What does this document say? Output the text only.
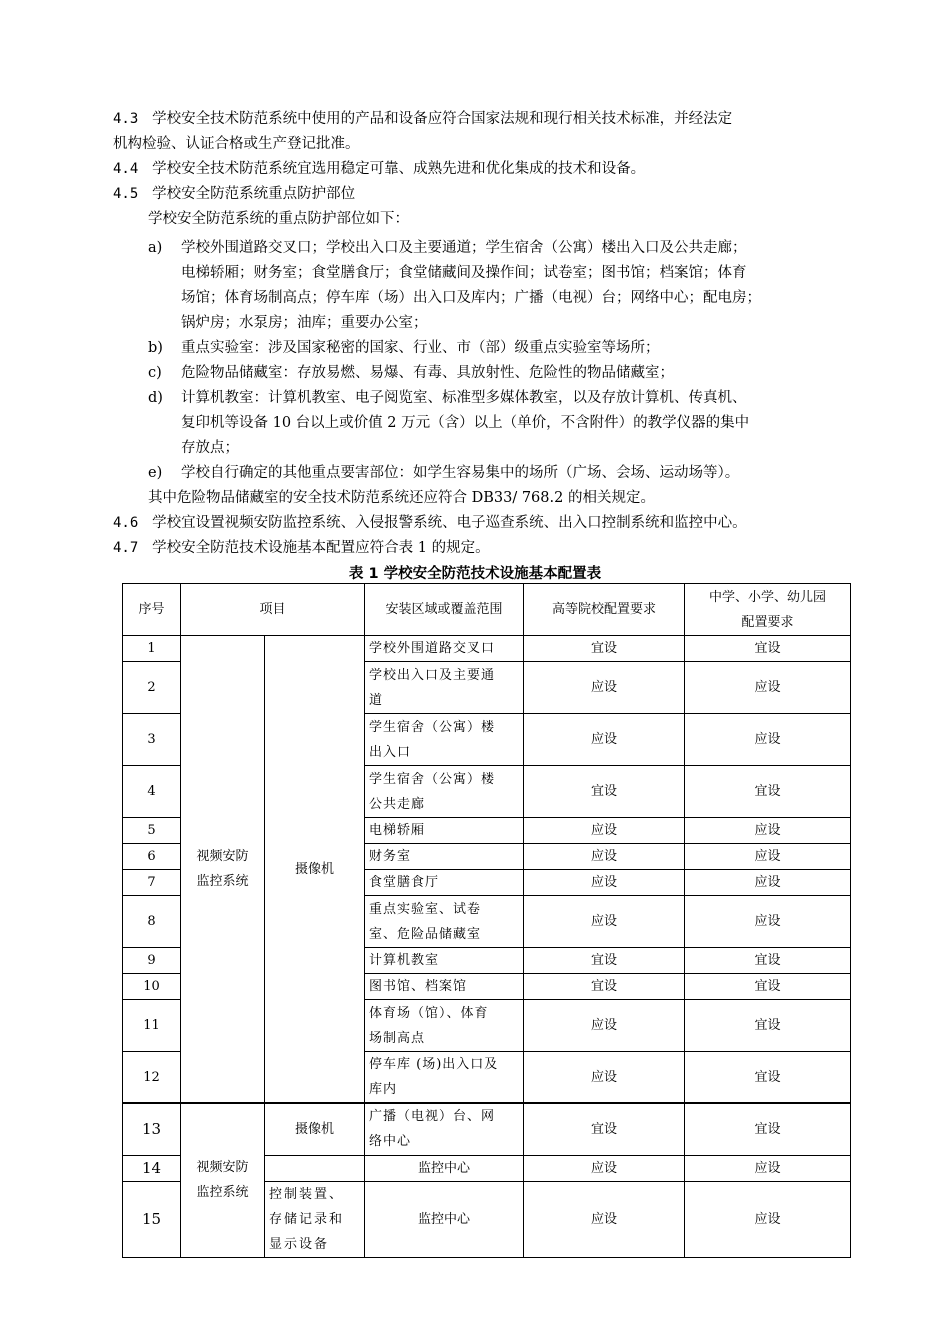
4.3 学校安全技术防范系统中使用的产品和设备应符合国家法规和现行相关技术标准，并经法定
机构检验、认证合格或生产登记批准。
4.4 学校安全技术防范系统宜选用稳定可靠、成熟先进和优化集成的技术和设备。
4.5 学校安全防范系统重点防护部位
学校安全防范系统的重点防护部位如下：
a) 学校外围道路交叉口；学校出入口及主要通道；学生宿舍（公寓）楼出入口及公共走廊；
电梯轿厢；财务室；食堂膳食厅；食堂储藏间及操作间；试卷室；图书馆；档案馆；体育
场馆；体育场制高点；停车库（场）出入口及库内；广播（电视）台；网络中心；配电房；
锅炉房；水泵房；油库；重要办公室；
b) 重点实验室：涉及国家秘密的国家、行业、市（部）级重点实验室等场所；
c) 危险物品储藏室：存放易燃、易爆、有毒、具放射性、危险性的物品储藏室；
d) 计算机教室：计算机教室、电子阅览室、标准型多媒体教室，以及存放计算机、传真机、
复印机等设备 10 台以上或价值 2 万元（含）以上（单价，不含附件）的教学仪器的集中
存放点；
e) 学校自行确定的其他重点要害部位：如学生容易集中的场所（广场、会场、运动场等）。
其中危险物品储藏室的安全技术防范系统还应符合 DB33/ 768.2 的相关规定。
4.6 学校宜设置视频安防监控系统、入侵报警系统、电子巡查系统、出入口控制系统和监控中心。
4.7 学校安全防范技术设施基本配置应符合表 1 的规定。
表 1 学校安全防范技术设施基本配置表
序号	项目		安装区域或覆盖范围	高等院校配置要求	中学、小学、幼儿园
配置要求
1	视频安防
监控系统	摄像机	学校外围道路交叉口	宜设	宜设
2			学校出入口及主要通
道	应设	应设
3			学生宿舍（公寓）楼
出入口	应设	应设
4			学生宿舍（公寓）楼
公共走廊	宜设	宜设
5			电梯轿厢	应设	应设
6			财务室	应设	应设
7			食堂膳食厅	应设	应设
8			重点实验室、试卷
室、危险品储藏室	应设	应设
9			计算机教室	宜设	宜设
10			图书馆、档案馆	宜设	宜设
11			体育场（馆）、体育
场制高点	应设	宜设
12			停车库 (场)出入口及
库内	应设	宜设
13	视频安防
监控系统	摄像机	广播（电视）台、网
络中心	宜设	宜设
14			监控中心	应设	应设
15		控制装置、
存储记录和
显示设备	监控中心	应设	应设
